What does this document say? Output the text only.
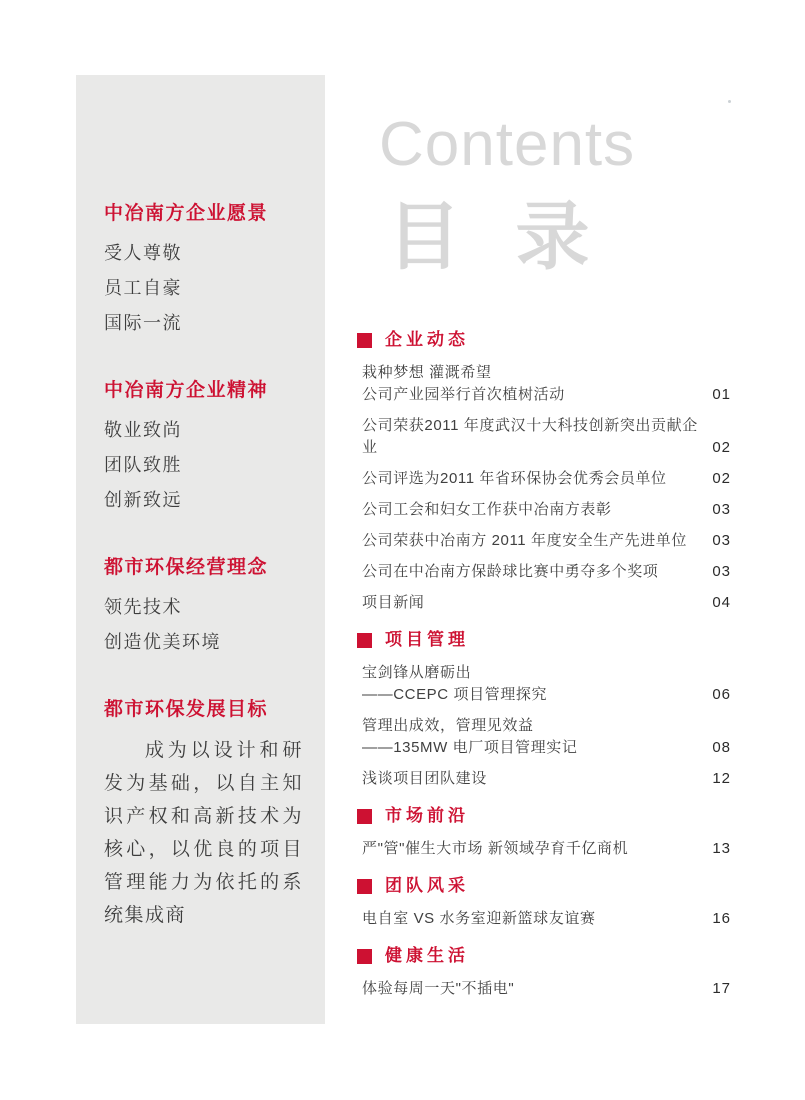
中冶南方企业愿景
受人尊敬
员工自豪
国际一流
中冶南方企业精神
敬业致尚
团队致胜
创新致远
都市环保经营理念
领先技术
创造优美环境
都市环保发展目标
成为以设计和研发为基础，以自主知识产权和高新技术为核心，以优良的项目管理能力为依托的系统集成商
Contents
目 录
企业动态
栽种梦想 灌溉希望
公司产业园举行首次植树活动	01
公司荣获2011 年度武汉十大科技创新突出贡献企业	02
公司评选为2011 年省环保协会优秀会员单位	02
公司工会和妇女工作获中冶南方表彰	03
公司荣获中冶南方 2011 年度安全生产先进单位	03
公司在中冶南方保龄球比赛中勇夺多个奖项	03
项目新闻	04
项目管理
宝剑锋从磨砺出
——CCEPC 项目管理探究	06
管理出成效，管理见效益
——135MW 电厂项目管理实记	08
浅谈项目团队建设	12
市场前沿
严"管"催生大市场 新领域孕育千亿商机	13
团队风采
电自室 VS 水务室迎新篮球友谊赛	16
健康生活
体验每周一天"不插电"	17
